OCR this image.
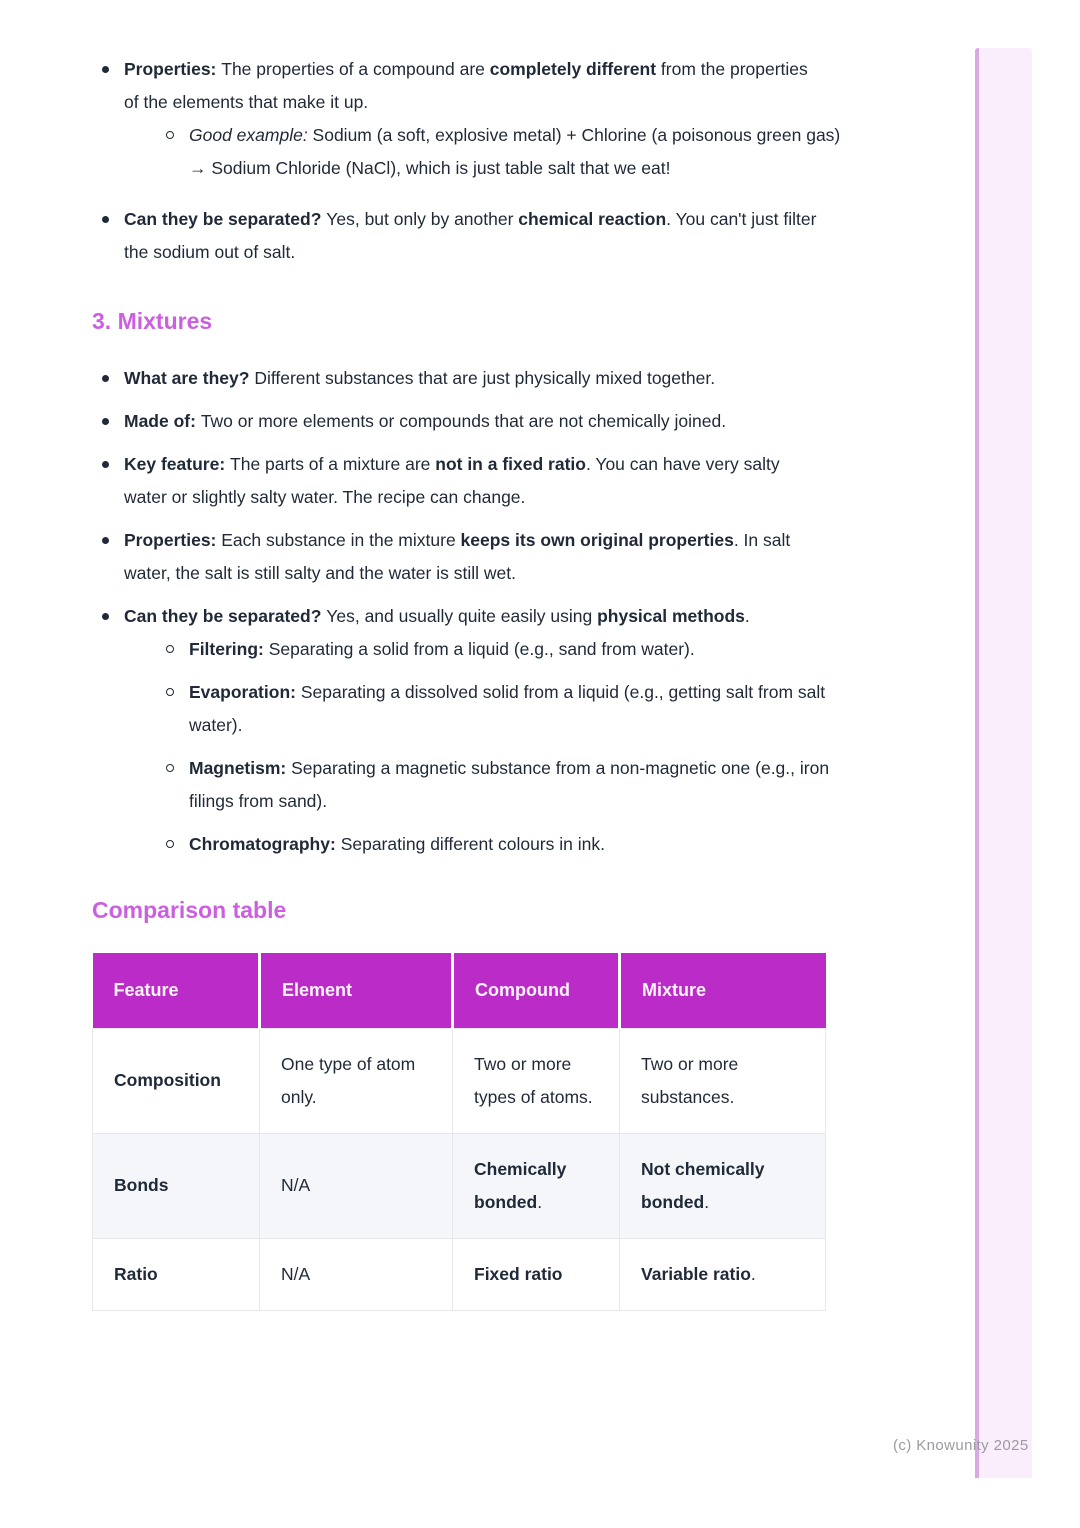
Properties: The properties of a compound are completely different from the properties of the elements that make it up.
Good example: Sodium (a soft, explosive metal) + Chlorine (a poisonous green gas) → Sodium Chloride (NaCl), which is just table salt that we eat!
Can they be separated? Yes, but only by another chemical reaction. You can't just filter the sodium out of salt.
3. Mixtures
What are they? Different substances that are just physically mixed together.
Made of: Two or more elements or compounds that are not chemically joined.
Key feature: The parts of a mixture are not in a fixed ratio. You can have very salty water or slightly salty water. The recipe can change.
Properties: Each substance in the mixture keeps its own original properties. In salt water, the salt is still salty and the water is still wet.
Can they be separated? Yes, and usually quite easily using physical methods.
Filtering: Separating a solid from a liquid (e.g., sand from water).
Evaporation: Separating a dissolved solid from a liquid (e.g., getting salt from salt water).
Magnetism: Separating a magnetic substance from a non-magnetic one (e.g., iron filings from sand).
Chromatography: Separating different colours in ink.
Comparison table
Feature	Element	Compound	Mixture
Composition	One type of atom only.	Two or more types of atoms.	Two or more substances.
Bonds	N/A	Chemically bonded.	Not chemically bonded.
Ratio	N/A	Fixed ratio	Variable ratio.
(c) Knowunity 2025
